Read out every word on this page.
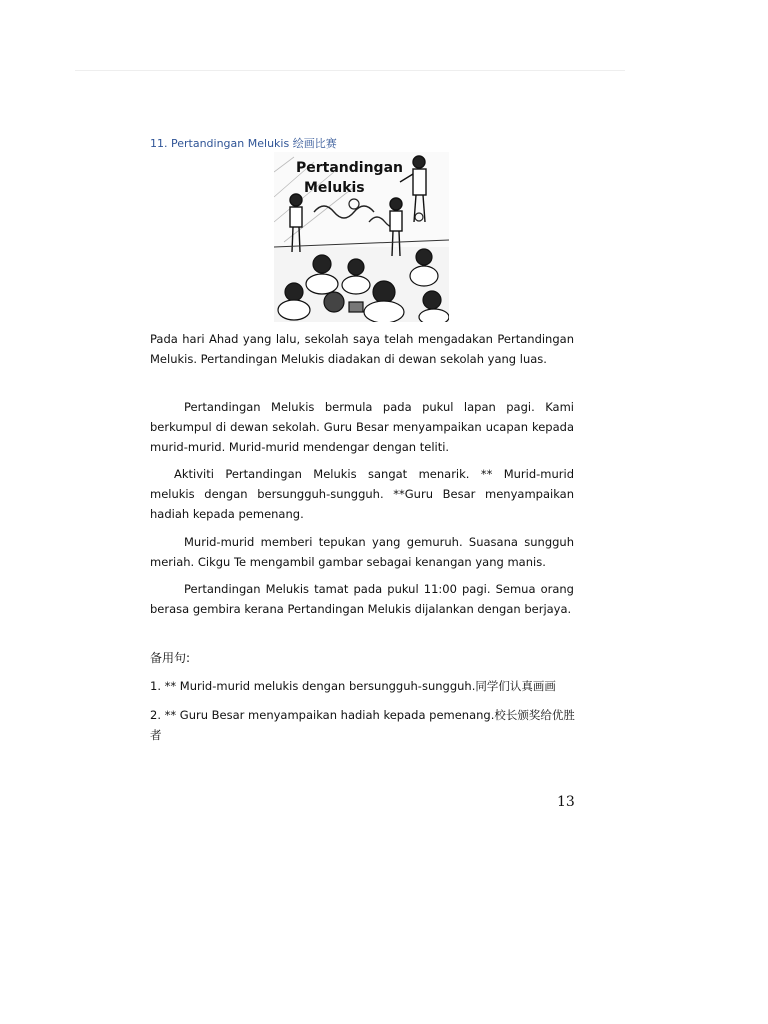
11. Pertandingan Melukis 绘画比赛
Pertandingan
Melukis

Pada hari Ahad yang lalu, sekolah saya telah mengadakan Pertandingan Melukis. Pertandingan Melukis diadakan di dewan sekolah yang luas.

Pertandingan Melukis bermula pada pukul lapan pagi. Kami berkumpul di dewan sekolah. Guru Besar menyampaikan ucapan kepada murid-murid. Murid-murid mendengar dengan teliti.

Aktiviti Pertandingan Melukis sangat menarik. ** Murid-murid melukis dengan bersungguh-sungguh. **Guru Besar menyampaikan hadiah kepada pemenang.

Murid-murid memberi tepukan yang gemuruh. Suasana sungguh meriah. Cikgu Te mengambil gambar sebagai kenangan yang manis.

Pertandingan Melukis tamat pada pukul 11:00 pagi. Semua orang berasa gembira kerana Pertandingan Melukis dijalankan dengan berjaya.

备用句:

1. ** Murid-murid melukis dengan bersungguh-sungguh.同学们认真画画

2. ** Guru Besar menyampaikan hadiah kepada pemenang.校长颁奖给优胜者

13
